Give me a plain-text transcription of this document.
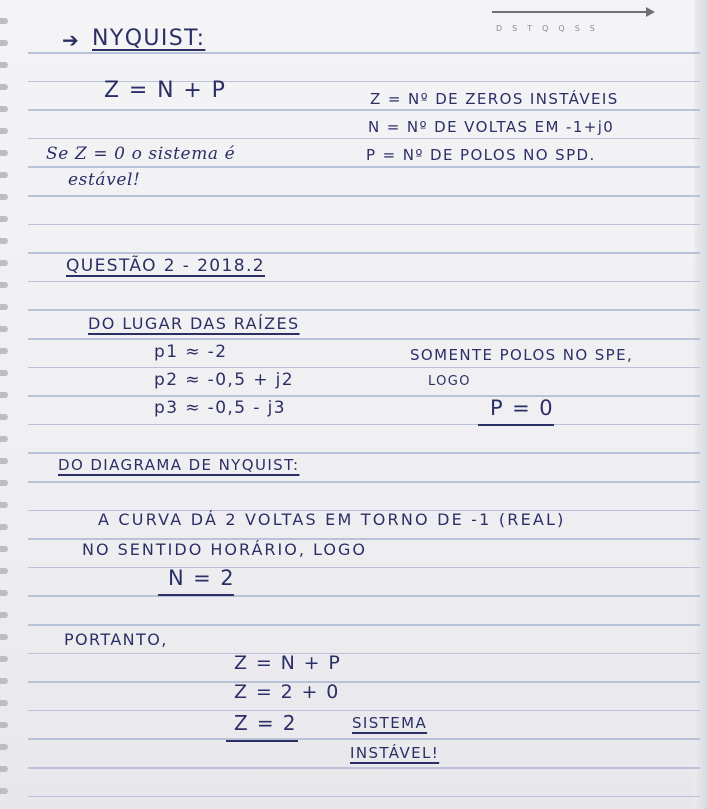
DSTQQSS
➔ NYQUIST:
Z = N + P	Z = Nº DE ZEROS INSTÁVEIS
N = Nº DE VOLTAS EM -1+j0
P = Nº DE POLOS NO SPD.
Se Z = 0 o sistema é
estável!
QUESTÃO 2 - 2018.2
DO LUGAR DAS RAÍZES
p1 ≈ -2
p2 ≈ -0,5 + j2
p3 ≈ -0,5 - j3
SOMENTE POLOS NO SPE,
LOGO
P = 0
DO DIAGRAMA DE NYQUIST:
A CURVA DÁ 2 VOLTAS EM TORNO DE -1 (REAL)
NO SENTIDO HORÁRIO, LOGO
N = 2
PORTANTO,
Z = N + P
Z = 2 + 0
Z = 2	SISTEMA
INSTÁVEL!
